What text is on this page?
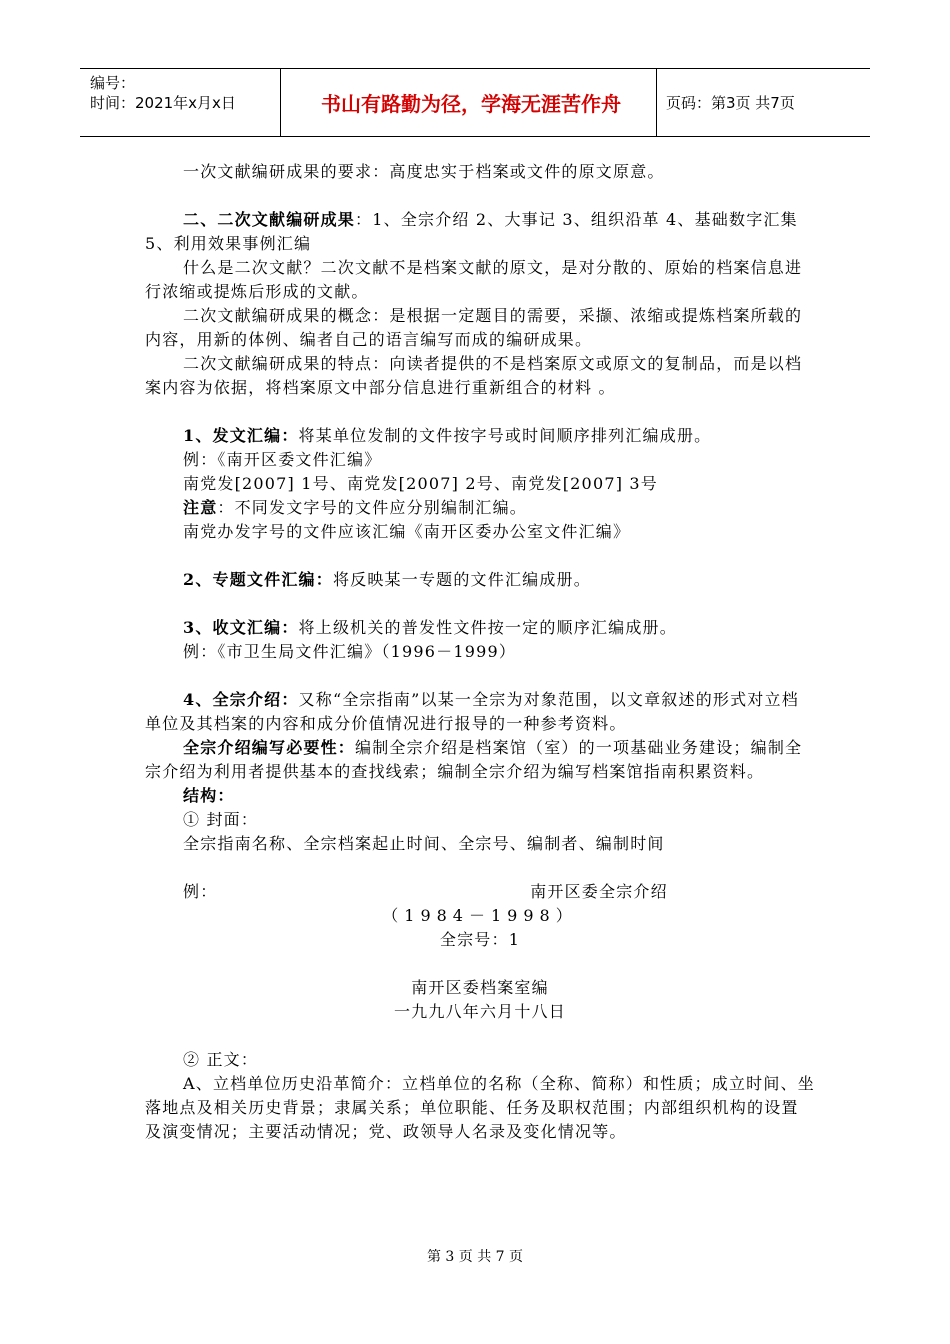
编号：
时间：2021年x月x日	书山有路勤为径，学海无涯苦作舟	页码：第3页 共7页

一次文献编研成果的要求：高度忠实于档案或文件的原文原意。

二、二次文献编研成果：1、全宗介绍 2、大事记 3、组织沿革 4、基础数字汇集 5、利用效果事例汇编

什么是二次文献？二次文献不是档案文献的原文，是对分散的、原始的档案信息进行浓缩或提炼后形成的文献。

二次文献编研成果的概念：是根据一定题目的需要，采撷、浓缩或提炼档案所载的内容，用新的体例、编者自己的语言编写而成的编研成果。

二次文献编研成果的特点：向读者提供的不是档案原文或原文的复制品，而是以档案内容为依据，将档案原文中部分信息进行重新组合的材料 。

1、发文汇编：将某单位发制的文件按字号或时间顺序排列汇编成册。

例：《南开区委文件汇编》

南党发[2007] 1号、南党发[2007] 2号、南党发[2007] 3号

注意：不同发文字号的文件应分别编制汇编。

南党办发字号的文件应该汇编《南开区委办公室文件汇编》

2、专题文件汇编：将反映某一专题的文件汇编成册。

3、收文汇编：将上级机关的普发性文件按一定的顺序汇编成册。

例：《市卫生局文件汇编》（1996－1999）

4、全宗介绍：又称“全宗指南”以某一全宗为对象范围，以文章叙述的形式对立档单位及其档案的内容和成分价值情况进行报导的一种参考资料。

全宗介绍编写必要性：编制全宗介绍是档案馆（室）的一项基础业务建设；编制全宗介绍为利用者提供基本的查找线索；编制全宗介绍为编写档案馆指南积累资料。

结构：

① 封面：

全宗指南名称、全宗档案起止时间、全宗号、编制者、编制时间

例：	南开区委全宗介绍

（1984－1998）

全宗号：1

南开区委档案室编

一九九八年六月十八日

② 正文：

A、立档单位历史沿革简介：立档单位的名称（全称、简称）和性质；成立时间、坐落地点及相关历史背景；隶属关系；单位职能、任务及职权范围；内部组织机构的设置及演变情况；主要活动情况；党、政领导人名录及变化情况等。

第 3 页 共 7 页
